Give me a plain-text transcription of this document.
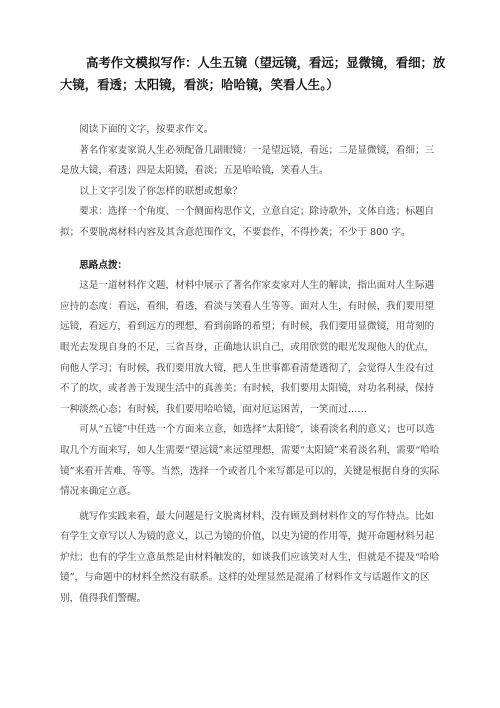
高考作文模拟写作：人生五镜（望远镜，看远；显微镜，看细；放大镜，看透；太阳镜，看淡；哈哈镜，笑看人生。）

阅读下面的文字，按要求作文。

著名作家麦家说人生必须配备几副眼镜：一是望远镜，看远；二是显微镜，看细；三是放大镜，看透；四是太阳镜，看淡；五是哈哈镜，笑看人生。

以上文字引发了你怎样的联想或想象？

要求：选择一个角度、一个侧面构思作文，立意自定；除诗歌外，文体自选；标题自拟；不要脱离材料内容及其含意范围作文，不要套作，不得抄袭；不少于 800 字。

思路点拨：

这是一道材料作文题，材料中展示了著名作家麦家对人生的解读，指出面对人生际遇应持的态度：看远，看细，看透，看淡与笑看人生等等。面对人生，有时候，我们要用望远镜，看远方，看到远方的理想，看到前路的希望；有时候，我们要用显微镜，用苛刻的眼光去发现自身的不足，三省吾身，正确地认识自己，或用欣赏的眼光发现他人的优点，向他人学习；有时候，我们要用放大镜，把人生世事都看清楚透彻了，会觉得人生没有过不了的坎，或者善于发现生活中的真善美；有时候，我们要用太阳镜，对功名利禄，保持一种淡然心态；有时候，我们要用哈哈镜，面对厄运困苦，一笑而过……

可从“五镜”中任选一个方面来立意，如选择“太阳镜”，谈看淡名利的意义；也可以选取几个方面来写，如人生需要“望远镜”来远望理想，需要“太阳镜”来看淡名利，需要“哈哈镜”来看开苦难，等等。当然，选择一个或者几个来写都是可以的，关键是根据自身的实际情况来确定立意。

就写作实践来看，最大问题是行文脱离材料，没有顾及到材料作文的写作特点。比如有学生文章写以人为镜的意义，以己为镜的价值，以史为镜的作用等，抛开命题材料另起炉灶；也有的学生立意虽然是由材料触发的，如谈我们应该笑对人生，但就是不提及“哈哈镜”，与命题中的材料全然没有联系。这样的处理显然是混淆了材料作文与话题作文的区别，值得我们警醒。
